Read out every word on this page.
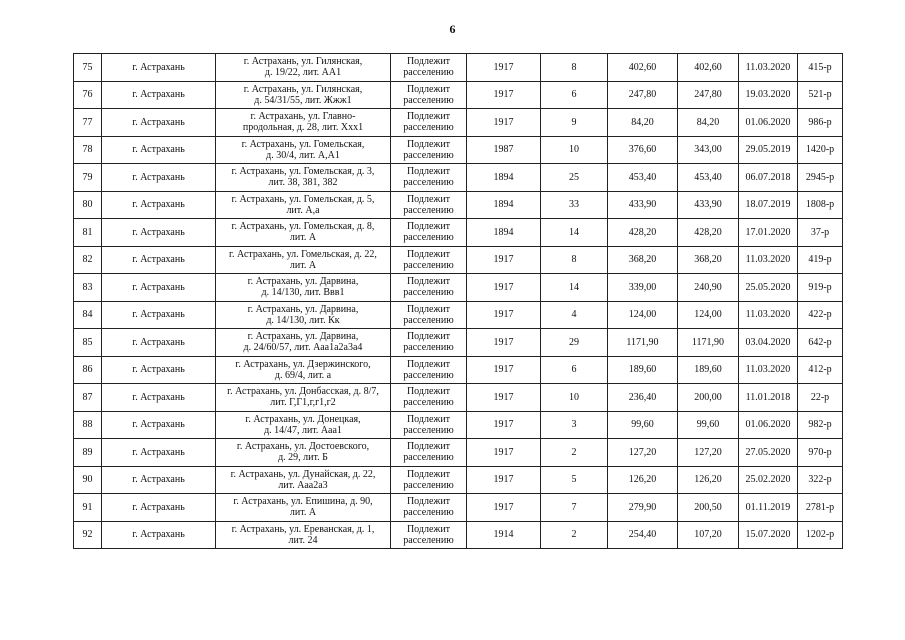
6
75	г. Астрахань	г. Астрахань, ул. Гилянская,
д. 19/22, лит. АА1	Подлежит
расселению	1917	8	402,60	402,60	11.03.2020	415-р
76	г. Астрахань	г. Астрахань, ул. Гилянская,
д. 54/31/55, лит. Жжж1	Подлежит
расселению	1917	6	247,80	247,80	19.03.2020	521-р
77	г. Астрахань	г. Астрахань, ул. Главно-
продольная, д. 28, лит. Ххх1	Подлежит
расселению	1917	9	84,20	84,20	01.06.2020	986-р
78	г. Астрахань	г. Астрахань, ул. Гомельская,
д. 30/4, лит. А,А1	Подлежит
расселению	1987	10	376,60	343,00	29.05.2019	1420-р
79	г. Астрахань	г. Астрахань, ул. Гомельская, д. 3,
лит. 38, 381, 382	Подлежит
расселению	1894	25	453,40	453,40	06.07.2018	2945-р
80	г. Астрахань	г. Астрахань, ул. Гомельская, д. 5,
лит. А,а	Подлежит
расселению	1894	33	433,90	433,90	18.07.2019	1808-р
81	г. Астрахань	г. Астрахань, ул. Гомельская, д. 8,
лит. А	Подлежит
расселению	1894	14	428,20	428,20	17.01.2020	37-р
82	г. Астрахань	г. Астрахань, ул. Гомельская, д. 22,
лит. А	Подлежит
расселению	1917	8	368,20	368,20	11.03.2020	419-р
83	г. Астрахань	г. Астрахань, ул. Дарвина,
д. 14/130, лит. Ввв1	Подлежит
расселению	1917	14	339,00	240,90	25.05.2020	919-р
84	г. Астрахань	г. Астрахань, ул. Дарвина,
д. 14/130, лит. Кк	Подлежит
расселению	1917	4	124,00	124,00	11.03.2020	422-р
85	г. Астрахань	г. Астрахань, ул. Дарвина,
д. 24/60/57, лит. Ааа1а2а3а4	Подлежит
расселению	1917	29	1171,90	1171,90	03.04.2020	642-р
86	г. Астрахань	г. Астрахань, ул. Дзержинского,
д. 69/4, лит. а	Подлежит
расселению	1917	6	189,60	189,60	11.03.2020	412-р
87	г. Астрахань	г. Астрахань, ул. Донбасская, д. 8/7,
лит. Г,Г1,г,г1,г2	Подлежит
расселению	1917	10	236,40	200,00	11.01.2018	22-р
88	г. Астрахань	г. Астрахань, ул. Донецкая,
д. 14/47, лит. Ааа1	Подлежит
расселению	1917	3	99,60	99,60	01.06.2020	982-р
89	г. Астрахань	г. Астрахань, ул. Достоевского,
д. 29, лит. Б	Подлежит
расселению	1917	2	127,20	127,20	27.05.2020	970-р
90	г. Астрахань	г. Астрахань, ул. Дунайская, д. 22,
лит. Ааа2а3	Подлежит
расселению	1917	5	126,20	126,20	25.02.2020	322-р
91	г. Астрахань	г. Астрахань, ул. Епишина, д. 90,
лит. А	Подлежит
расселению	1917	7	279,90	200,50	01.11.2019	2781-р
92	г. Астрахань	г. Астрахань, ул. Ереванская, д. 1,
лит. 24	Подлежит
расселению	1914	2	254,40	107,20	15.07.2020	1202-р
